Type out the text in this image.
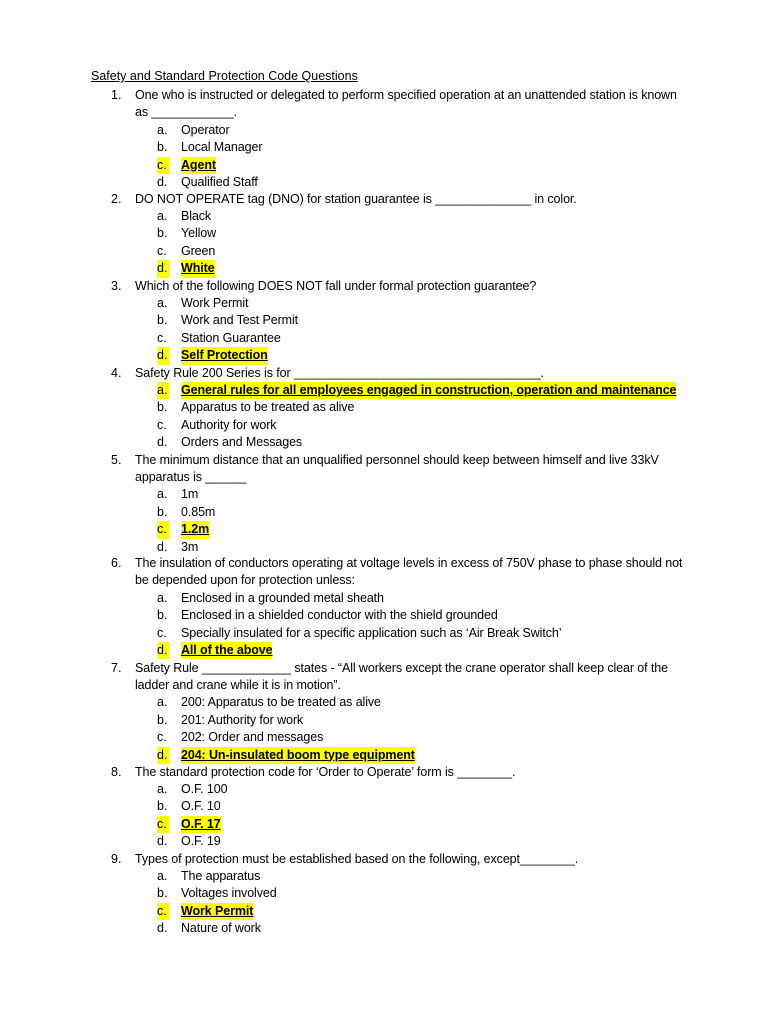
Safety and Standard Protection Code Questions
1. One who is instructed or delegated to perform specified operation at an unattended station is known as ____________.
a. Operator
b. Local Manager
c. Agent
d. Qualified Staff
2. DO NOT OPERATE tag (DNO) for station guarantee is ______________ in color.
a. Black
b. Yellow
c. Green
d. White
3. Which of the following DOES NOT fall under formal protection guarantee?
a. Work Permit
b. Work and Test Permit
c. Station Guarantee
d. Self Protection
4. Safety Rule 200 Series is for ____________________________________.
a. General rules for all employees engaged in construction, operation and maintenance
b. Apparatus to be treated as alive
c. Authority for work
d. Orders and Messages
5. The minimum distance that an unqualified personnel should keep between himself and live 33kV apparatus is ______
a. 1m
b. 0.85m
c. 1.2m
d. 3m
6. The insulation of conductors operating at voltage levels in excess of 750V phase to phase should not be depended upon for protection unless:
a. Enclosed in a grounded metal sheath
b. Enclosed in a shielded conductor with the shield grounded
c. Specially insulated for a specific application such as ‘Air Break Switch’
d. All of the above
7. Safety Rule _____________ states - “All workers except the crane operator shall keep clear of the ladder and crane while it is in motion”.
a. 200: Apparatus to be treated as alive
b. 201: Authority for work
c. 202: Order and messages
d. 204: Un-insulated boom type equipment
8. The standard protection code for ‘Order to Operate’ form is ________.
a. O.F. 100
b. O.F. 10
c. O.F. 17
d. O.F. 19
9. Types of protection must be established based on the following, except________.
a. The apparatus
b. Voltages involved
c. Work Permit
d. Nature of work
